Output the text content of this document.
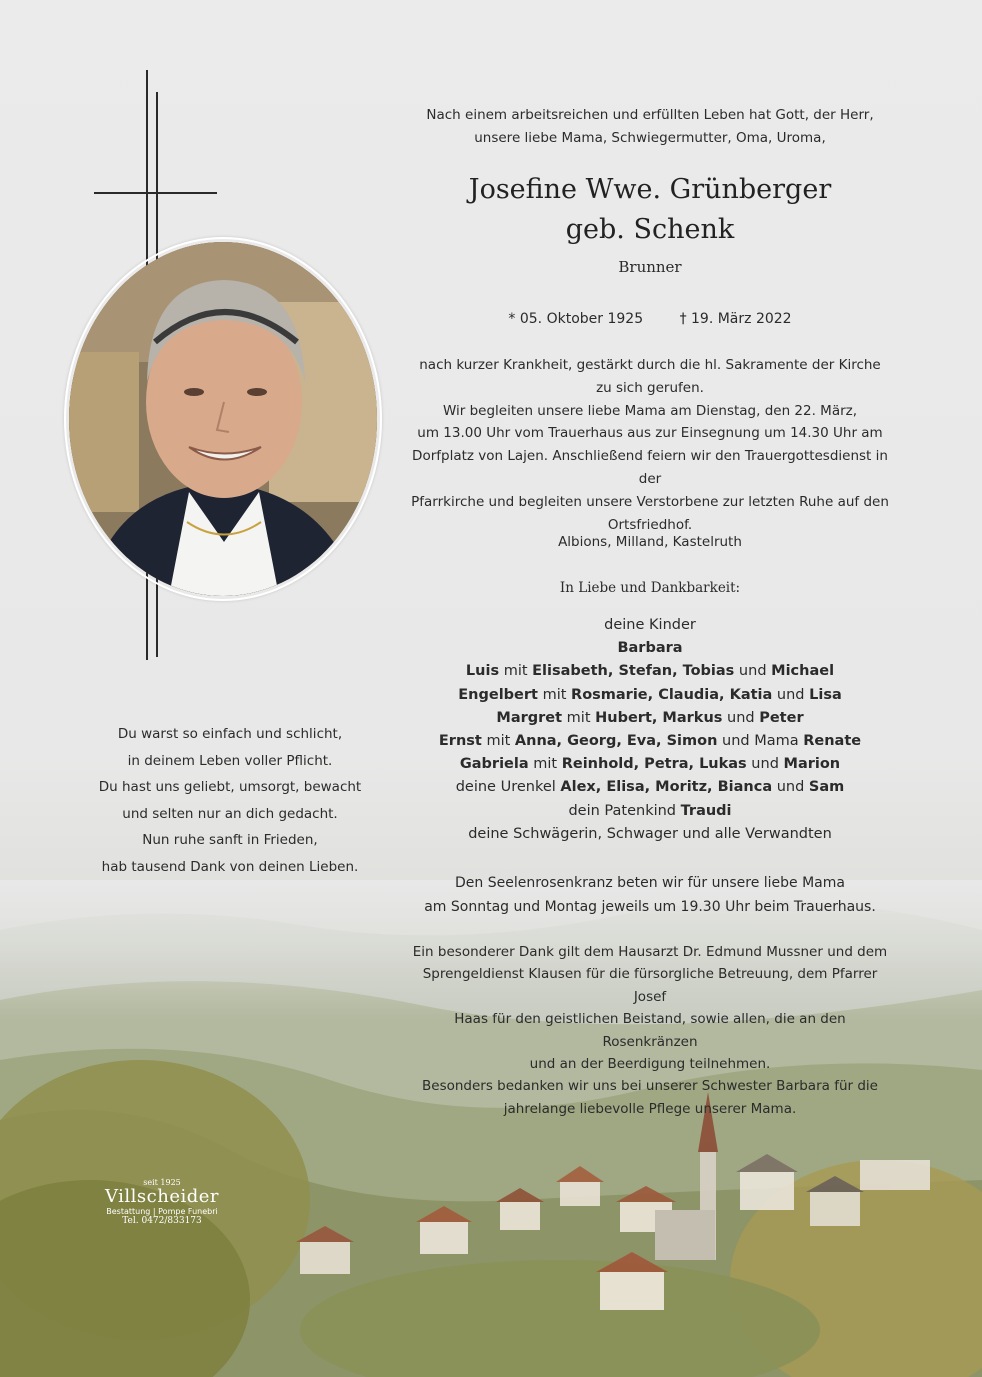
Nach einem arbeitsreichen und erfüllten Leben hat Gott, der Herr,
unsere liebe Mama, Schwiegermutter, Oma, Uroma,
Josefine Wwe. Grünberger
geb. Schenk
Brunner
* 05. Oktober 1925	† 19. März 2022
nach kurzer Krankheit, gestärkt durch die hl. Sakramente der Kirche
zu sich gerufen.
Wir begleiten unsere liebe Mama am Dienstag, den 22. März,
um 13.00 Uhr vom Trauerhaus aus zur Einsegnung um 14.30 Uhr am
Dorfplatz von Lajen. Anschließend feiern wir den Trauergottesdienst in der
Pfarrkirche und begleiten unsere Verstorbene zur letzten Ruhe auf den
Ortsfriedhof.
Albions, Milland, Kastelruth
In Liebe und Dankbarkeit:
deine Kinder
Barbara
Luis mit Elisabeth, Stefan, Tobias und Michael
Engelbert mit Rosmarie, Claudia, Katia und Lisa
Margret mit Hubert, Markus und Peter
Ernst mit Anna, Georg, Eva, Simon und Mama Renate
Gabriela mit Reinhold, Petra, Lukas und Marion
deine Urenkel Alex, Elisa, Moritz, Bianca und Sam
dein Patenkind Traudi
deine Schwägerin, Schwager und alle Verwandten
Den Seelenrosenkranz beten wir für unsere liebe Mama
am Sonntag und Montag jeweils um 19.30 Uhr beim Trauerhaus.
Ein besonderer Dank gilt dem Hausarzt Dr. Edmund Mussner und dem
Sprengeldienst Klausen für die fürsorgliche Betreuung, dem Pfarrer Josef
Haas für den geistlichen Beistand, sowie allen, die an den Rosenkränzen
und an der Beerdigung teilnehmen.
Besonders bedanken wir uns bei unserer Schwester Barbara für die
jahrelange liebevolle Pflege unserer Mama.
Du warst so einfach und schlicht,
in deinem Leben voller Pflicht.
Du hast uns geliebt, umsorgt, bewacht
und selten nur an dich gedacht.
Nun ruhe sanft in Frieden,
hab tausend Dank von deinen Lieben.
seit 1925
Villscheider
Bestattung | Pompe Funebri
Tel. 0472/833173
